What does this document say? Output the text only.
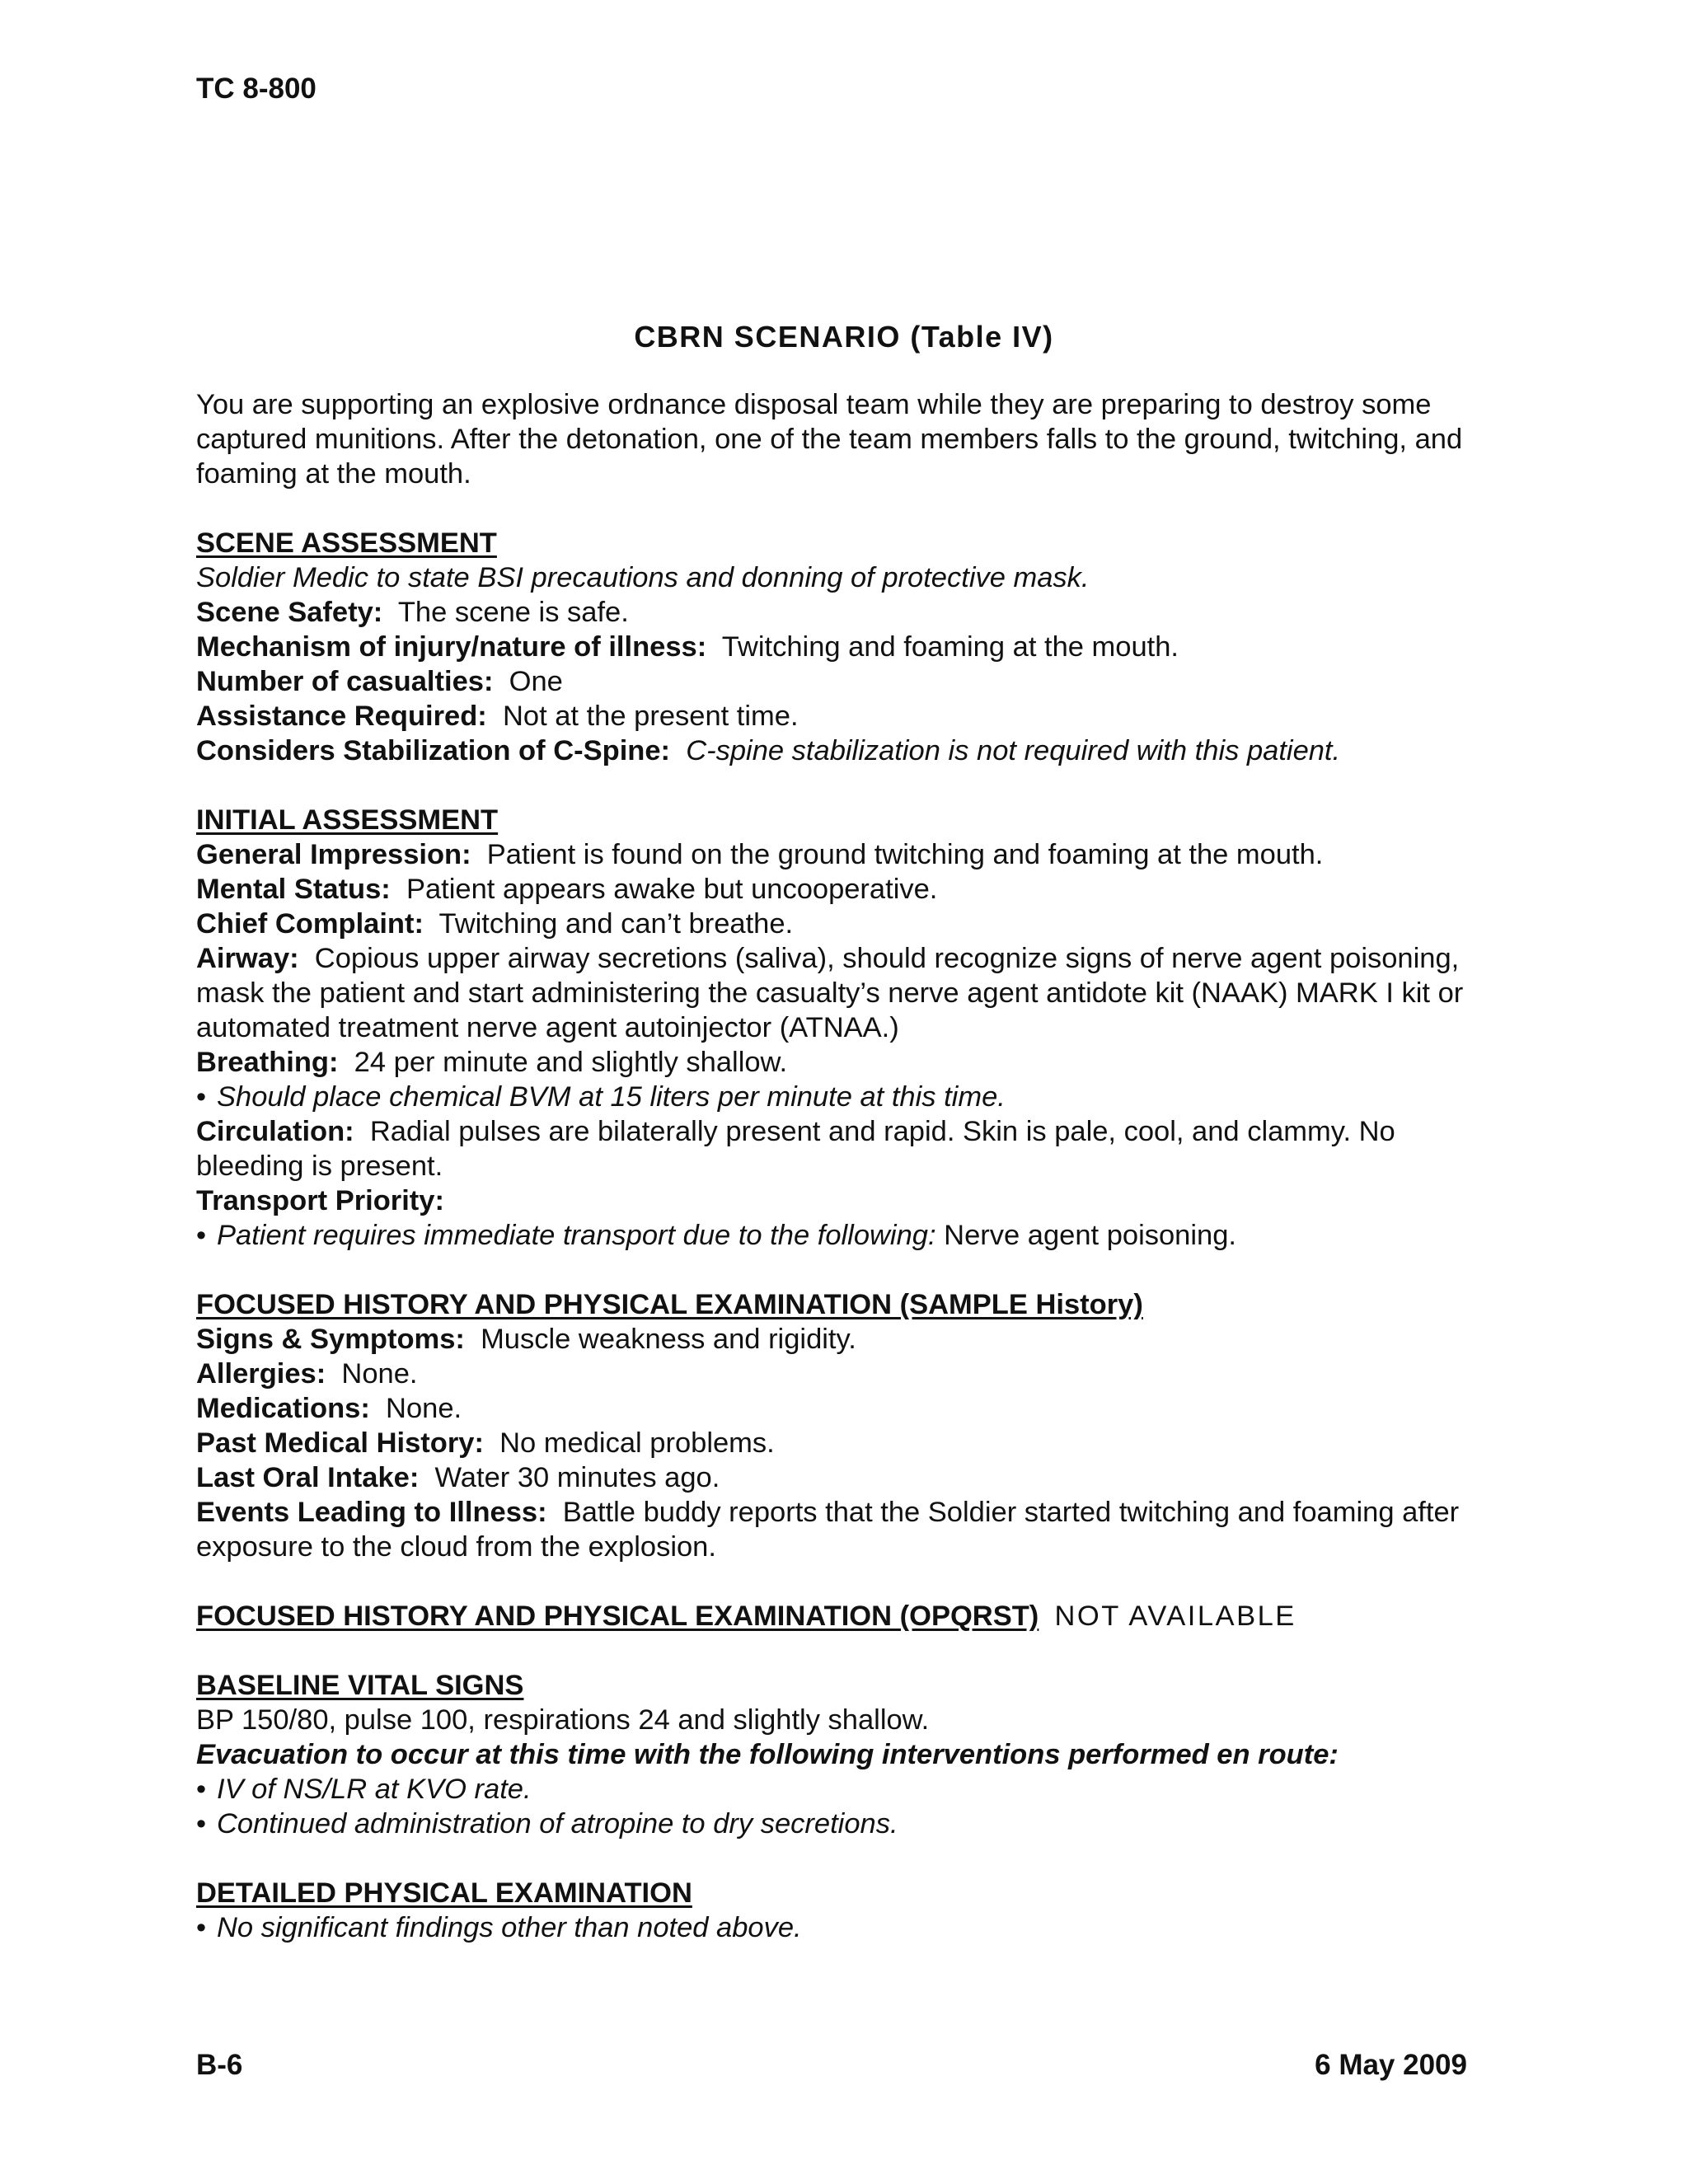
TC 8-800

CBRN SCENARIO (Table IV)

You are supporting an explosive ordnance disposal team while they are preparing to destroy some captured munitions. After the detonation, one of the team members falls to the ground, twitching, and foaming at the mouth.

SCENE ASSESSMENT

Soldier Medic to state BSI precautions and donning of protective mask.

Scene Safety: The scene is safe.

Mechanism of injury/nature of illness: Twitching and foaming at the mouth.

Number of casualties: One

Assistance Required: Not at the present time.

Considers Stabilization of C-Spine: C-spine stabilization is not required with this patient.

INITIAL ASSESSMENT

General Impression: Patient is found on the ground twitching and foaming at the mouth.

Mental Status: Patient appears awake but uncooperative.

Chief Complaint: Twitching and can’t breathe.

Airway: Copious upper airway secretions (saliva), should recognize signs of nerve agent poisoning, mask the patient and start administering the casualty’s nerve agent antidote kit (NAAK) MARK I kit or automated treatment nerve agent autoinjector (ATNAA.)

Breathing: 24 per minute and slightly shallow.

• Should place chemical BVM at 15 liters per minute at this time.

Circulation: Radial pulses are bilaterally present and rapid. Skin is pale, cool, and clammy. No bleeding is present.

Transport Priority:

• Patient requires immediate transport due to the following: Nerve agent poisoning.

FOCUSED HISTORY AND PHYSICAL EXAMINATION (SAMPLE History)

Signs & Symptoms: Muscle weakness and rigidity.

Allergies: None.

Medications: None.

Past Medical History: No medical problems.

Last Oral Intake: Water 30 minutes ago.

Events Leading to Illness: Battle buddy reports that the Soldier started twitching and foaming after exposure to the cloud from the explosion.

FOCUSED HISTORY AND PHYSICAL EXAMINATION (OPQRST) NOT AVAILABLE

BASELINE VITAL SIGNS

BP 150/80, pulse 100, respirations 24 and slightly shallow.

Evacuation to occur at this time with the following interventions performed en route:

• IV of NS/LR at KVO rate.

• Continued administration of atropine to dry secretions.

DETAILED PHYSICAL EXAMINATION

• No significant findings other than noted above.

B-6	6 May 2009
